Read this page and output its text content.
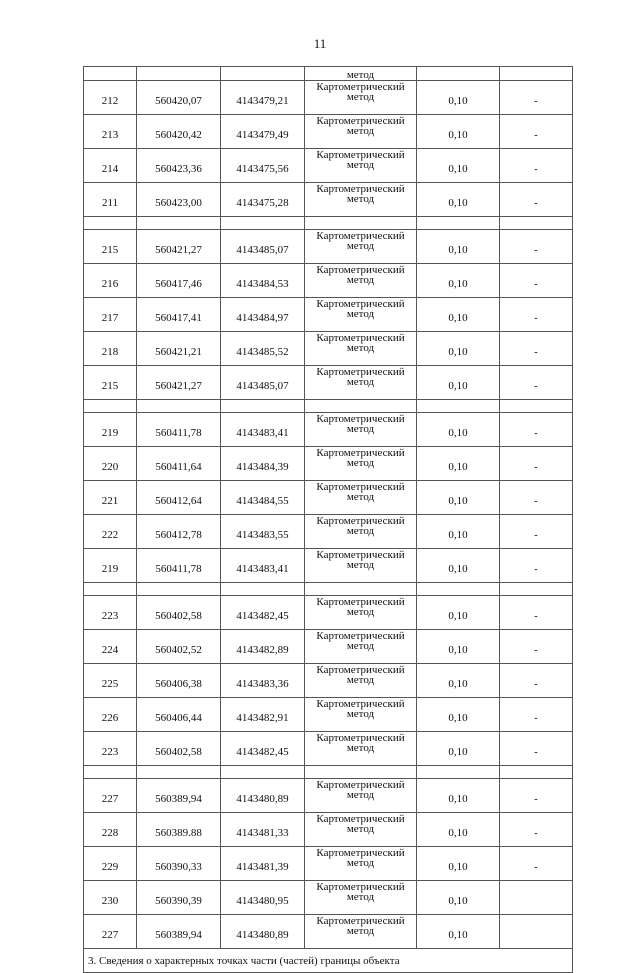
11
			метод		
212	560420,07	4143479,21	Картометрический
метод	0,10	-
213	560420,42	4143479,49	Картометрический
метод	0,10	-
214	560423,36	4143475,56	Картометрический
метод	0,10	-
211	560423,00	4143475,28	Картометрический
метод	0,10	-

215	560421,27	4143485,07	Картометрический
метод	0,10	-
216	560417,46	4143484,53	Картометрический
метод	0,10	-
217	560417,41	4143484,97	Картометрический
метод	0,10	-
218	560421,21	4143485,52	Картометрический
метод	0,10	-
215	560421,27	4143485,07	Картометрический
метод	0,10	-

219	560411,78	4143483,41	Картометрический
метод	0,10	-
220	560411,64	4143484,39	Картометрический
метод	0,10	-
221	560412,64	4143484,55	Картометрический
метод	0,10	-
222	560412,78	4143483,55	Картометрический
метод	0,10	-
219	560411,78	4143483,41	Картометрический
метод	0,10	-

223	560402,58	4143482,45	Картометрический
метод	0,10	-
224	560402,52	4143482,89	Картометрический
метод	0,10	-
225	560406,38	4143483,36	Картометрический
метод	0,10	-
226	560406,44	4143482,91	Картометрический
метод	0,10	-
223	560402,58	4143482,45	Картометрический
метод	0,10	-

227	560389,94	4143480,89	Картометрический
метод	0,10	-
228	560389.88	4143481,33	Картометрический
метод	0,10	-
229	560390,33	4143481,39	Картометрический
метод	0,10	-
230	560390,39	4143480,95	Картометрический
метод	0,10	
227	560389,94	4143480,89	Картометрический
метод	0,10	
3. Сведения о характерных точках части (частей) границы объекта					
